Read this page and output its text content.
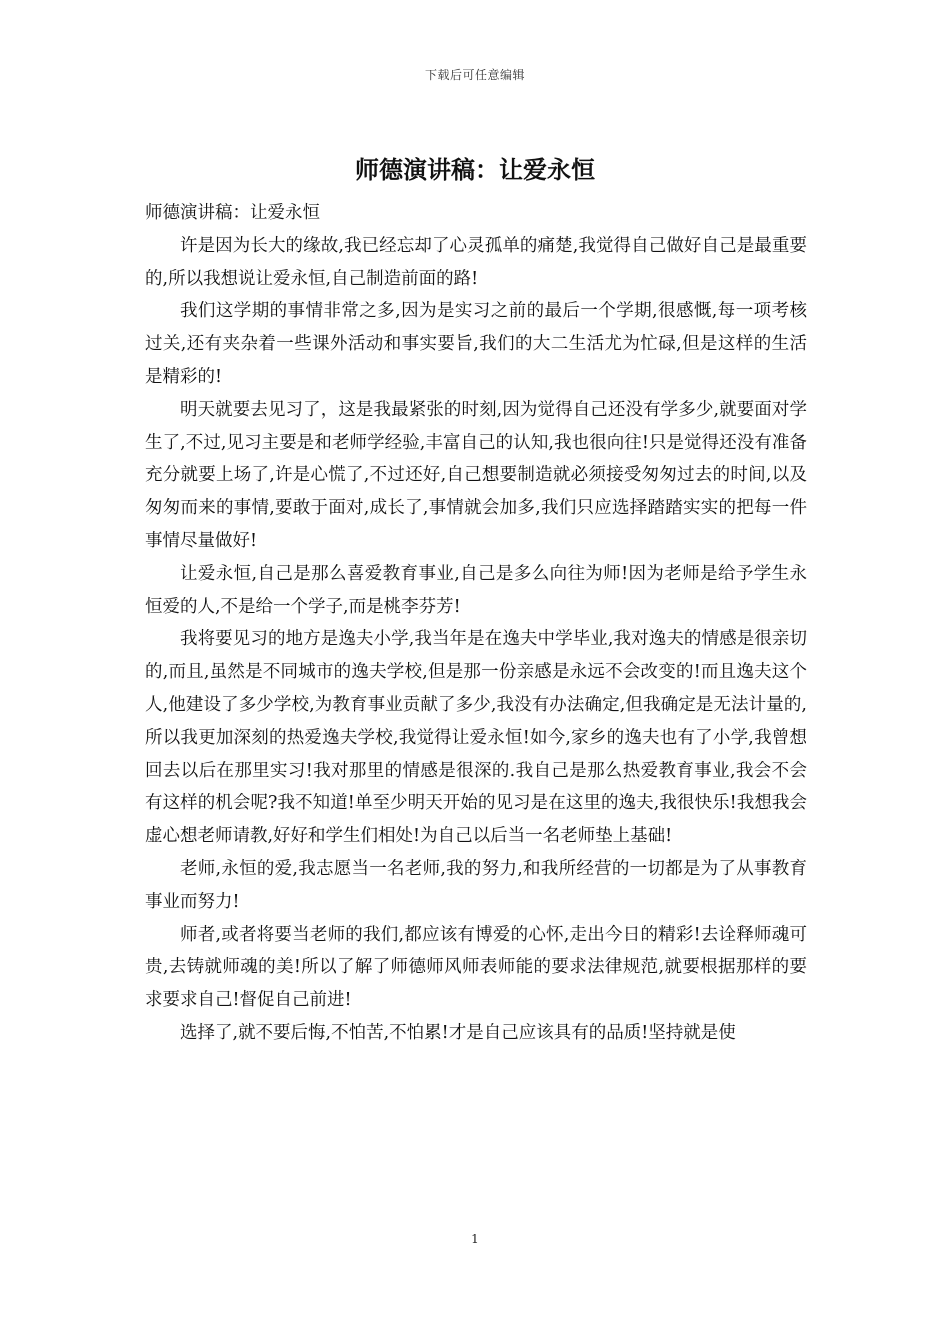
下载后可任意编辑
师德演讲稿：让爱永恒

师德演讲稿：让爱永恒

许是因为长大的缘故,我已经忘却了心灵孤单的痛楚,我觉得自己做好自己是最重要的,所以我想说让爱永恒,自己制造前面的路!

我们这学期的事情非常之多,因为是实习之前的最后一个学期,很感慨,每一项考核过关,还有夹杂着一些课外活动和事实要旨,我们的大二生活尤为忙碌,但是这样的生活是精彩的!

明天就要去见习了，这是我最紧张的时刻,因为觉得自己还没有学多少,就要面对学生了,不过,见习主要是和老师学经验,丰富自己的认知,我也很向往!只是觉得还没有准备充分就要上场了,许是心慌了,不过还好,自己想要制造就必须接受匆匆过去的时间,以及匆匆而来的事情,要敢于面对,成长了,事情就会加多,我们只应选择踏踏实实的把每一件事情尽量做好!

让爱永恒,自己是那么喜爱教育事业,自己是多么向往为师!因为老师是给予学生永恒爱的人,不是给一个学子,而是桃李芬芳!

我将要见习的地方是逸夫小学,我当年是在逸夫中学毕业,我对逸夫的情感是很亲切的,而且,虽然是不同城市的逸夫学校,但是那一份亲感是永远不会改变的!而且逸夫这个人,他建设了多少学校,为教育事业贡献了多少,我没有办法确定,但我确定是无法计量的,所以我更加深刻的热爱逸夫学校,我觉得让爱永恒!如今,家乡的逸夫也有了小学,我曾想回去以后在那里实习!我对那里的情感是很深的.我自己是那么热爱教育事业,我会不会有这样的机会呢?我不知道!单至少明天开始的见习是在这里的逸夫,我很快乐!我想我会虚心想老师请教,好好和学生们相处!为自己以后当一名老师垫上基础!

老师,永恒的爱,我志愿当一名老师,我的努力,和我所经营的一切都是为了从事教育事业而努力!

师者,或者将要当老师的我们,都应该有博爱的心怀,走出今日的精彩!去诠释师魂可贵,去铸就师魂的美!所以了解了师德师风师表师能的要求法律规范,就要根据那样的要求要求自己!督促自己前进!

选择了,就不要后悔,不怕苦,不怕累!才是自己应该具有的品质!坚持就是使

1
